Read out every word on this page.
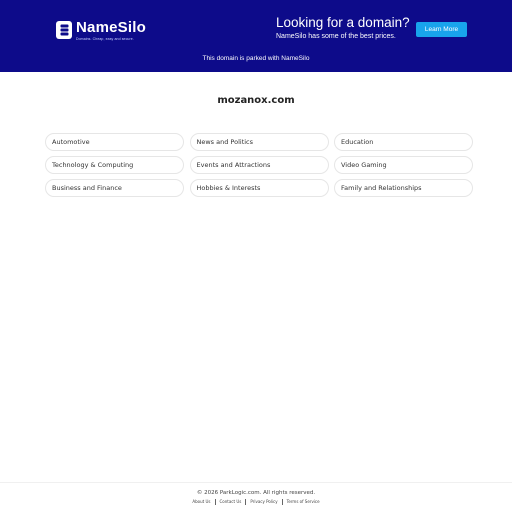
NameSilo
Domains. Cheap, easy and secure.
Looking for a domain?
NameSilo has some of the best prices.
Learn More
This domain is parked with NameSilo
mozanox.com
Automotive	News and Politics	Education
Technology & Computing	Events and Attractions	Video Gaming
Business and Finance	Hobbies & Interests	Family and Relationships
© 2026 ParkLogic.com. All rights reserved.
About Us	Contact Us	Privacy Policy	Terms of Service
